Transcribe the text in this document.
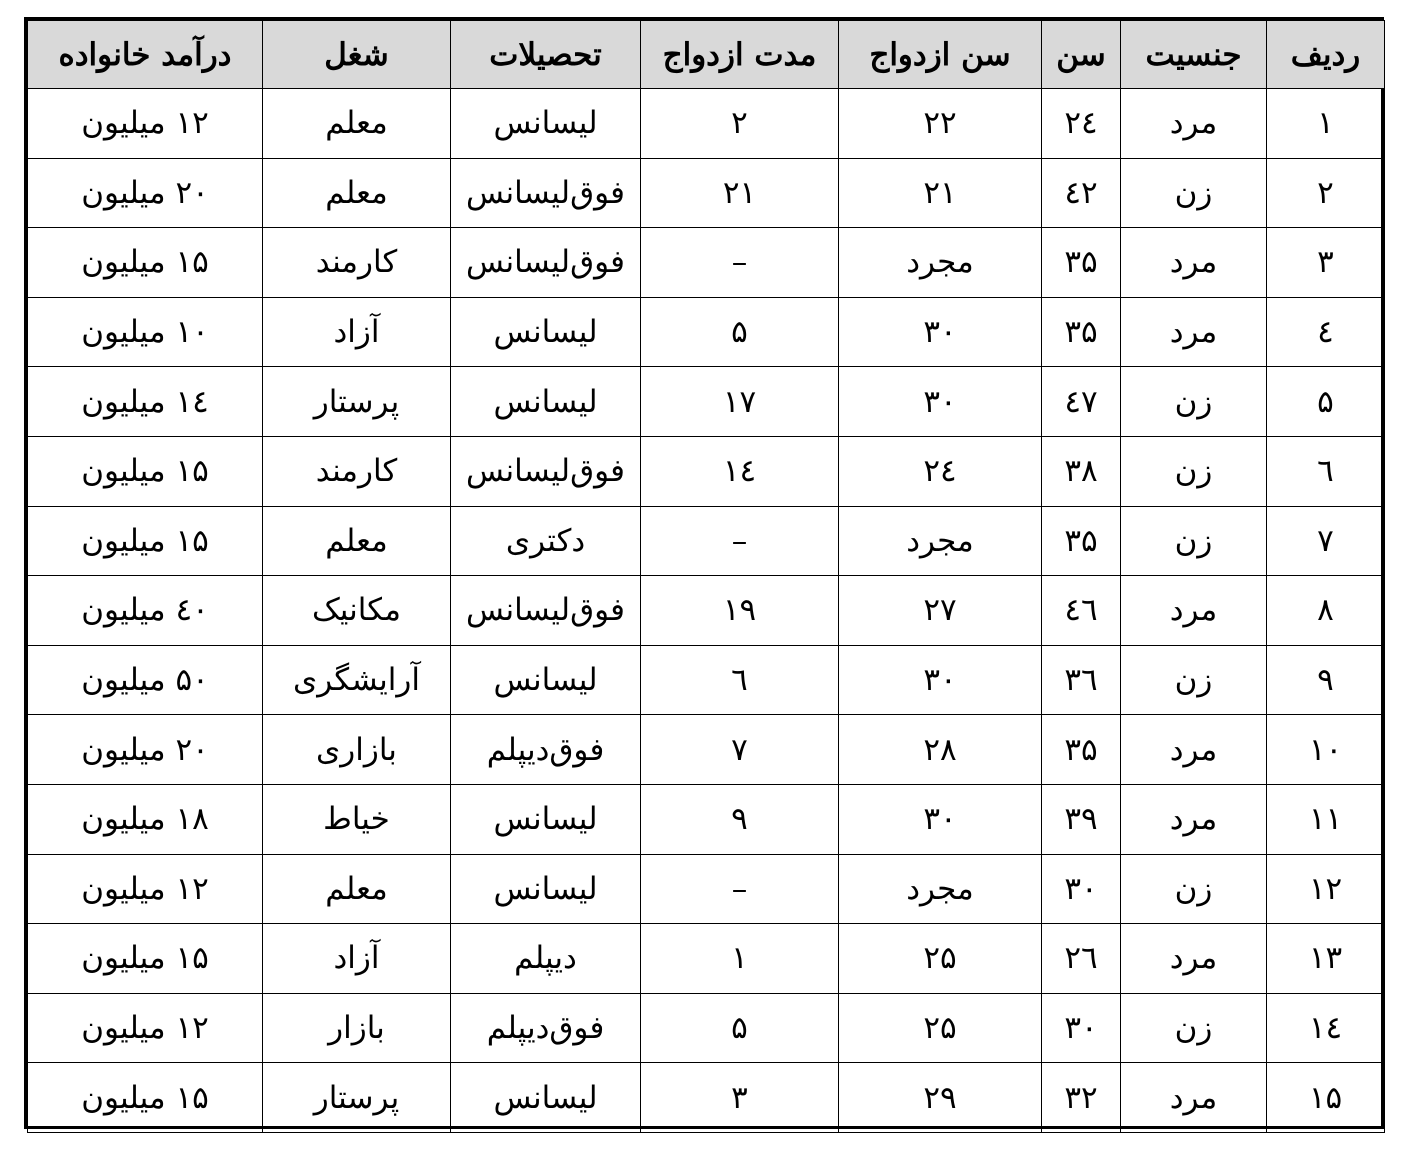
ردیف	جنسیت	سن	سن ازدواج	مدت ازدواج	تحصیلات	شغل	درآمد خانواده
۱	مرد	۲٤	۲۲	۲	لیسانس	معلم	۱۲ میلیون
۲	زن	٤۲	۲۱	۲۱	فوق‌لیسانس	معلم	۲۰ میلیون
۳	مرد	۳۵	مجرد	–	فوق‌لیسانس	کارمند	۱۵ میلیون
٤	مرد	۳۵	۳۰	۵	لیسانس	آزاد	۱۰ میلیون
۵	زن	٤۷	۳۰	۱۷	لیسانس	پرستار	۱٤ میلیون
٦	زن	۳۸	۲٤	۱٤	فوق‌لیسانس	کارمند	۱۵ میلیون
۷	زن	۳۵	مجرد	–	دکتری	معلم	۱۵ میلیون
۸	مرد	٤٦	۲۷	۱۹	فوق‌لیسانس	مکانیک	٤۰ میلیون
۹	زن	۳٦	۳۰	٦	لیسانس	آرایشگری	۵۰ میلیون
۱۰	مرد	۳۵	۲۸	۷	فوق‌دیپلم	بازاری	۲۰ میلیون
۱۱	مرد	۳۹	۳۰	۹	لیسانس	خیاط	۱۸ میلیون
۱۲	زن	۳۰	مجرد	–	لیسانس	معلم	۱۲ میلیون
۱۳	مرد	۲٦	۲۵	۱	دیپلم	آزاد	۱۵ میلیون
۱٤	زن	۳۰	۲۵	۵	فوق‌دیپلم	بازار	۱۲ میلیون
۱۵	مرد	۳۲	۲۹	۳	لیسانس	پرستار	۱۵ میلیون
